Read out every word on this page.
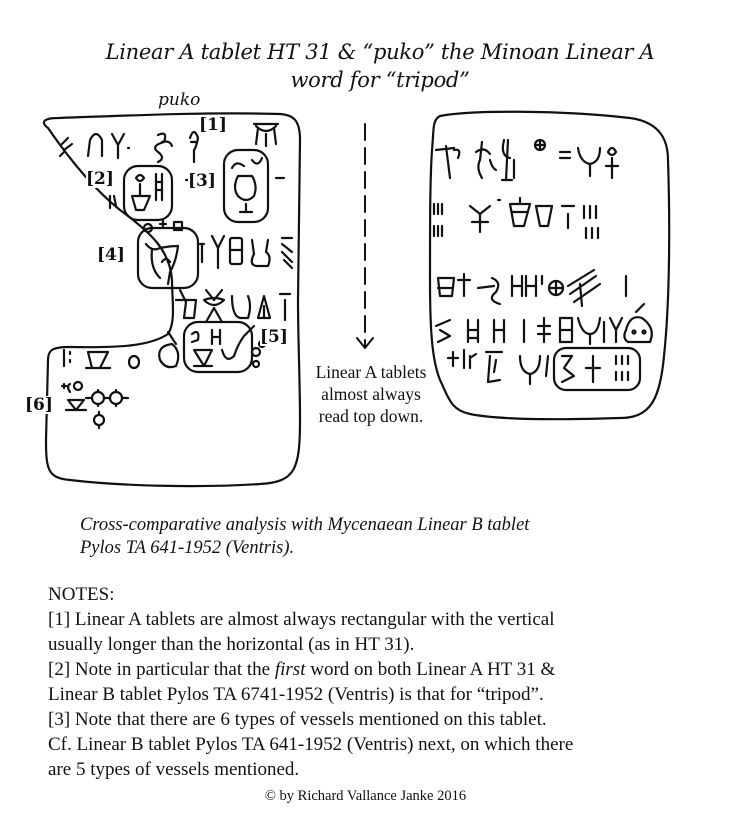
Linear A tablet HT 31 & “puko” the Minoan Linear A
word for “tripod”
puko
[1]
[2]	[3]
[4]
[5]
[6]
Linear A tablets
almost always
read top down.
Cross-comparative analysis with Mycenaean Linear B tablet
Pylos TA 641-1952 (Ventris).
NOTES:
[1] Linear A tablets are almost always rectangular with the vertical
usually longer than the horizontal (as in HT 31).
[2] Note in particular that the first word on both Linear A HT 31 &
Linear B tablet Pylos TA 6741-1952 (Ventris) is that for “tripod”.
[3] Note that there are 6 types of vessels mentioned on this tablet.
Cf. Linear B tablet Pylos TA 641-1952 (Ventris) next, on which there
are 5 types of vessels mentioned.
© by Richard Vallance Janke 2016
